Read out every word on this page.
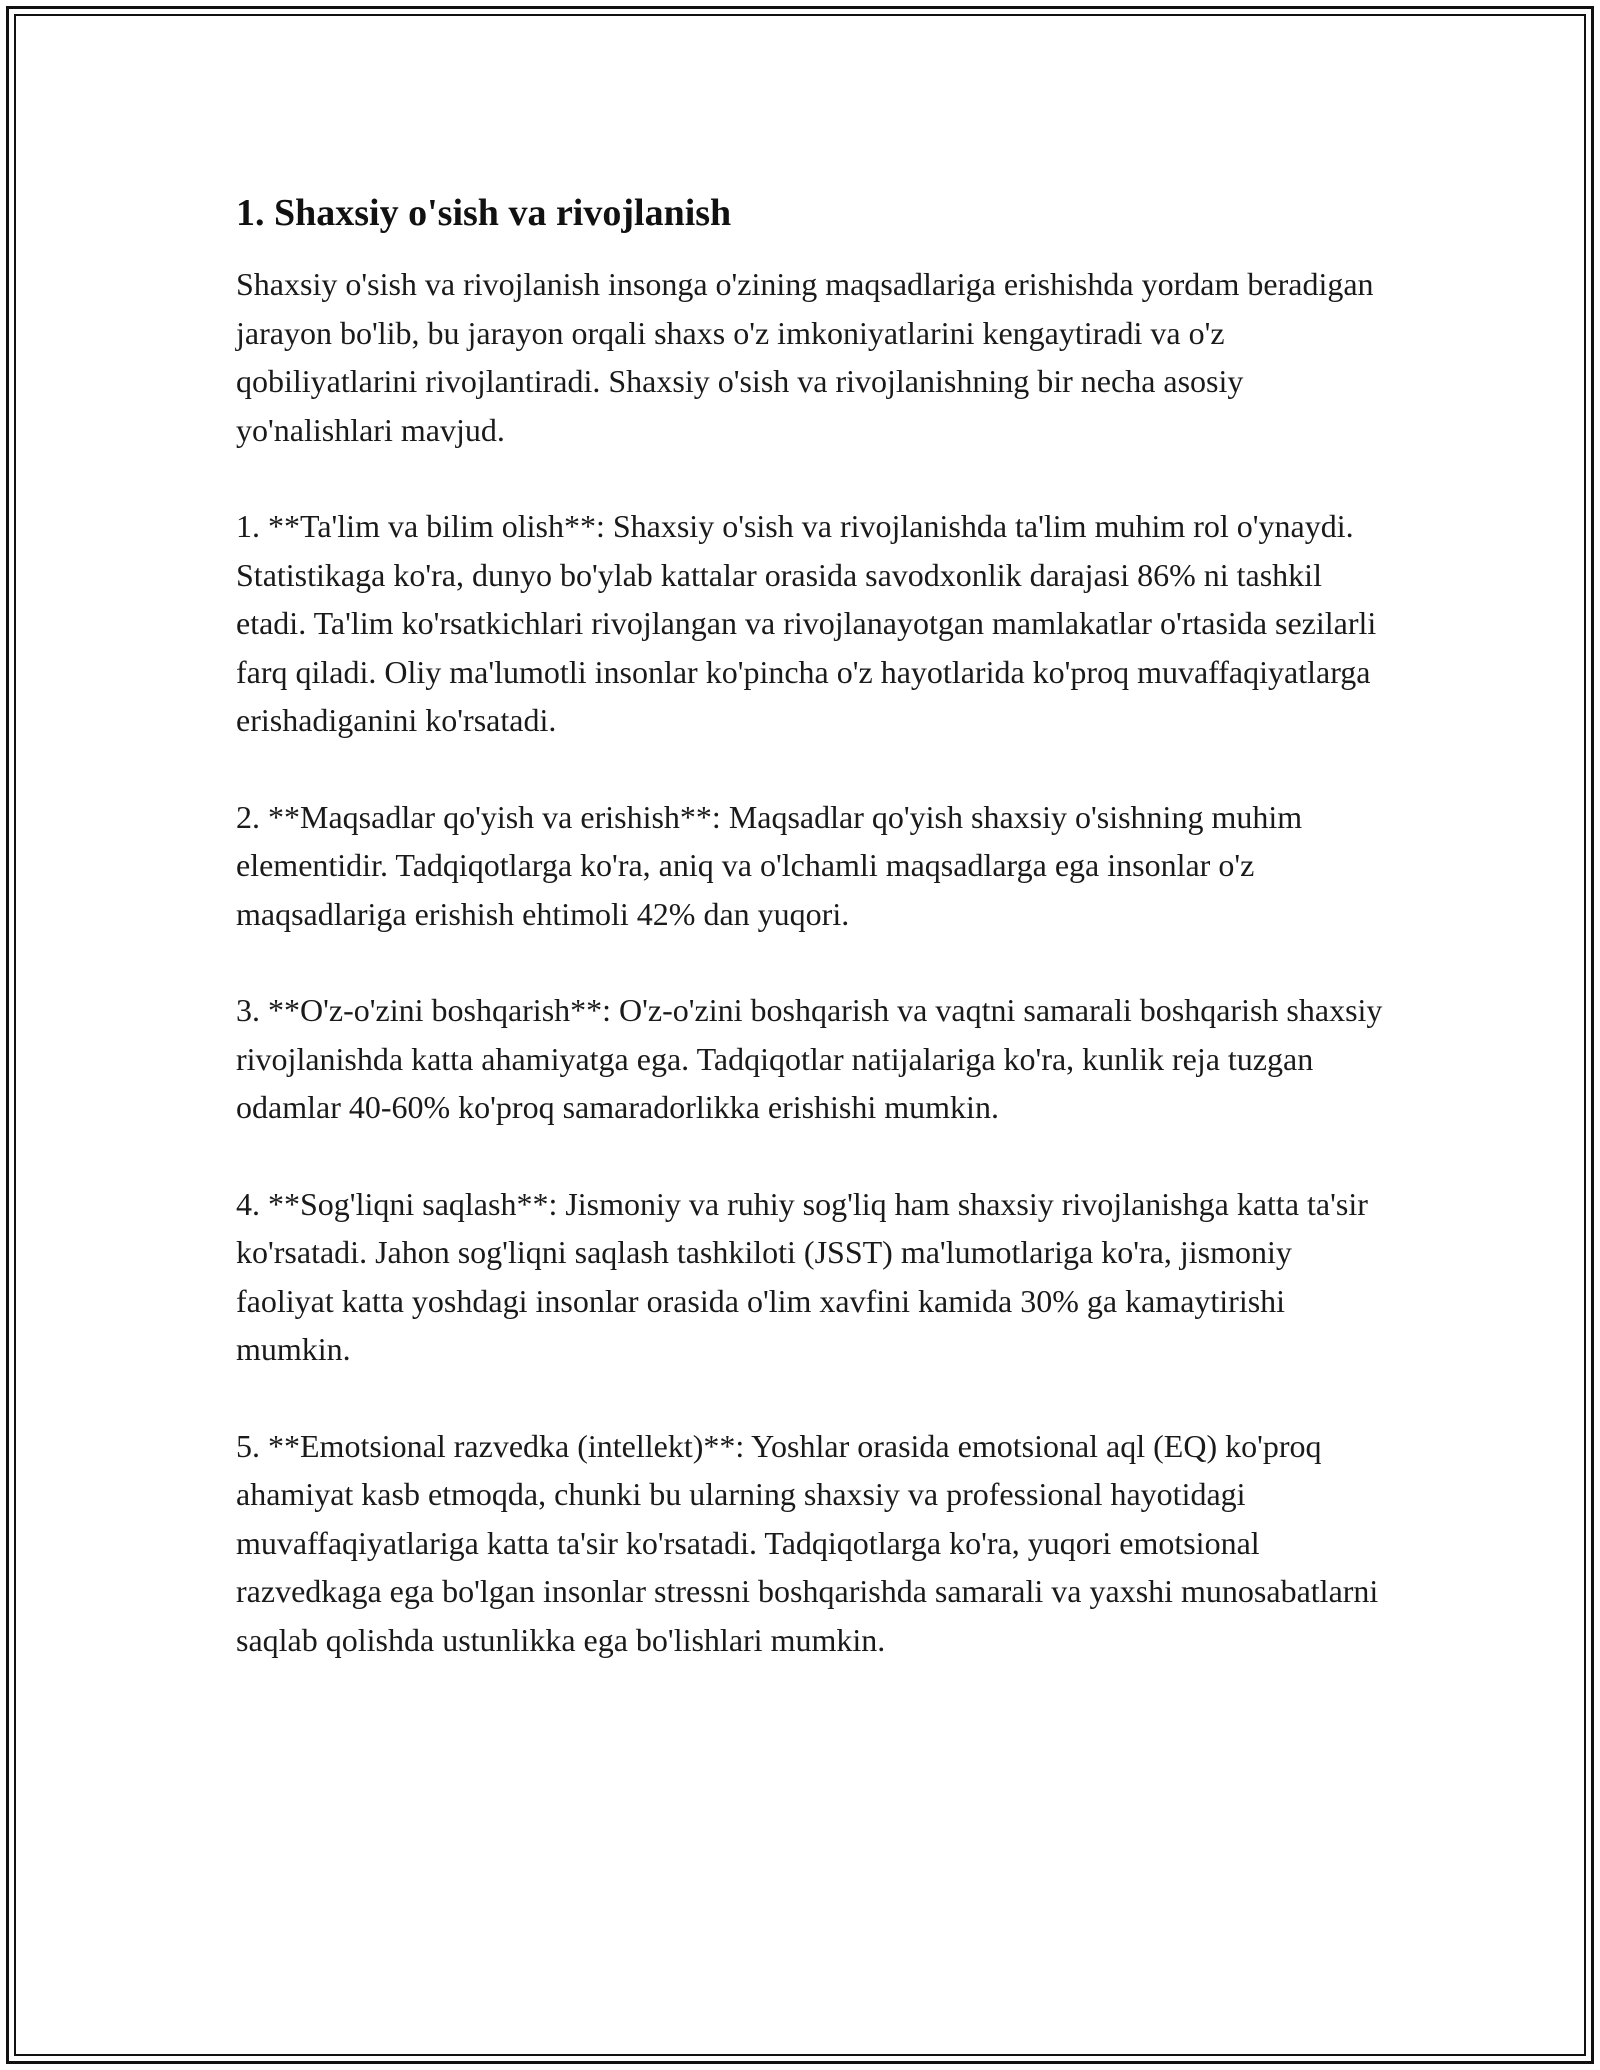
1. Shaxsiy o'sish va rivojlanish

Shaxsiy o'sish va rivojlanish insonga o'zining maqsadlariga erishishda yordam beradigan jarayon bo'lib, bu jarayon orqali shaxs o'z imkoniyatlarini kengaytiradi va o'z qobiliyatlarini rivojlantiradi. Shaxsiy o'sish va rivojlanishning bir necha asosiy yo'nalishlari mavjud.

1. **Ta'lim va bilim olish**: Shaxsiy o'sish va rivojlanishda ta'lim muhim rol o'ynaydi. Statistikaga ko'ra, dunyo bo'ylab kattalar orasida savodxonlik darajasi 86% ni tashkil etadi. Ta'lim ko'rsatkichlari rivojlangan va rivojlanayotgan mamlakatlar o'rtasida sezilarli farq qiladi. Oliy ma'lumotli insonlar ko'pincha o'z hayotlarida ko'proq muvaffaqiyatlarga erishadiganini ko'rsatadi.

2. **Maqsadlar qo'yish va erishish**: Maqsadlar qo'yish shaxsiy o'sishning muhim elementidir. Tadqiqotlarga ko'ra, aniq va o'lchamli maqsadlarga ega insonlar o'z maqsadlariga erishish ehtimoli 42% dan yuqori.

3. **O'z-o'zini boshqarish**: O'z-o'zini boshqarish va vaqtni samarali boshqarish shaxsiy rivojlanishda katta ahamiyatga ega. Tadqiqotlar natijalariga ko'ra, kunlik reja tuzgan odamlar 40-60% ko'proq samaradorlikka erishishi mumkin.

4. **Sog'liqni saqlash**: Jismoniy va ruhiy sog'liq ham shaxsiy rivojlanishga katta ta'sir ko'rsatadi. Jahon sog'liqni saqlash tashkiloti (JSST) ma'lumotlariga ko'ra, jismoniy faoliyat katta yoshdagi insonlar orasida o'lim xavfini kamida 30% ga kamaytirishi mumkin.

5. **Emotsional razvedka (intellekt)**: Yoshlar orasida emotsional aql (EQ) ko'proq ahamiyat kasb etmoqda, chunki bu ularning shaxsiy va professional hayotidagi muvaffaqiyatlariga katta ta'sir ko'rsatadi. Tadqiqotlarga ko'ra, yuqori emotsional razvedkaga ega bo'lgan insonlar stressni boshqarishda samarali va yaxshi munosabatlarni saqlab qolishda ustunlikka ega bo'lishlari mumkin.
